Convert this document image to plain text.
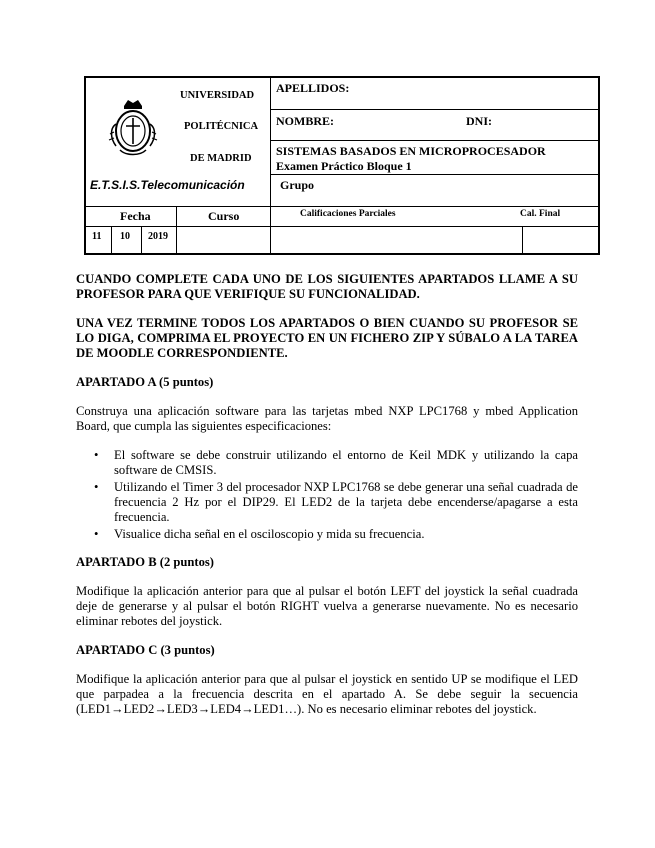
UNIVERSIDAD
POLITÉCNICA
DE MADRID
E.T.S.I.S.Telecomunicación
APELLIDOS:
NOMBRE:	DNI:
SISTEMAS BASADOS EN MICROPROCESADOR
Examen Práctico Bloque 1
Grupo
Fecha	Curso	Calificaciones Parciales	Cal. Final
11 10 2019
CUANDO COMPLETE CADA UNO DE LOS SIGUIENTES APARTADOS LLAME A SU PROFESOR PARA QUE VERIFIQUE SU FUNCIONALIDAD.
UNA VEZ TERMINE TODOS LOS APARTADOS O BIEN CUANDO SU PROFESOR SE LO DIGA, COMPRIMA EL PROYECTO EN UN FICHERO ZIP Y SÚBALO A LA TAREA DE MOODLE CORRESPONDIENTE.
APARTADO A (5 puntos)
Construya una aplicación software para las tarjetas mbed NXP LPC1768 y mbed Application Board, que cumpla las siguientes especificaciones:
• El software se debe construir utilizando el entorno de Keil MDK y utilizando la capa software de CMSIS.
• Utilizando el Timer 3 del procesador NXP LPC1768 se debe generar una señal cuadrada de frecuencia 2 Hz por el DIP29. El LED2 de la tarjeta debe encenderse/apagarse a esta frecuencia.
• Visualice dicha señal en el osciloscopio y mida su frecuencia.
APARTADO B (2 puntos)
Modifique la aplicación anterior para que al pulsar el botón LEFT del joystick la señal cuadrada deje de generarse y al pulsar el botón RIGHT vuelva a generarse nuevamente. No es necesario eliminar rebotes del joystick.
APARTADO C (3 puntos)
Modifique la aplicación anterior para que al pulsar el joystick en sentido UP se modifique el LED que parpadea a la frecuencia descrita en el apartado A. Se debe seguir la secuencia (LED1→LED2→LED3→LED4→LED1…). No es necesario eliminar rebotes del joystick.
